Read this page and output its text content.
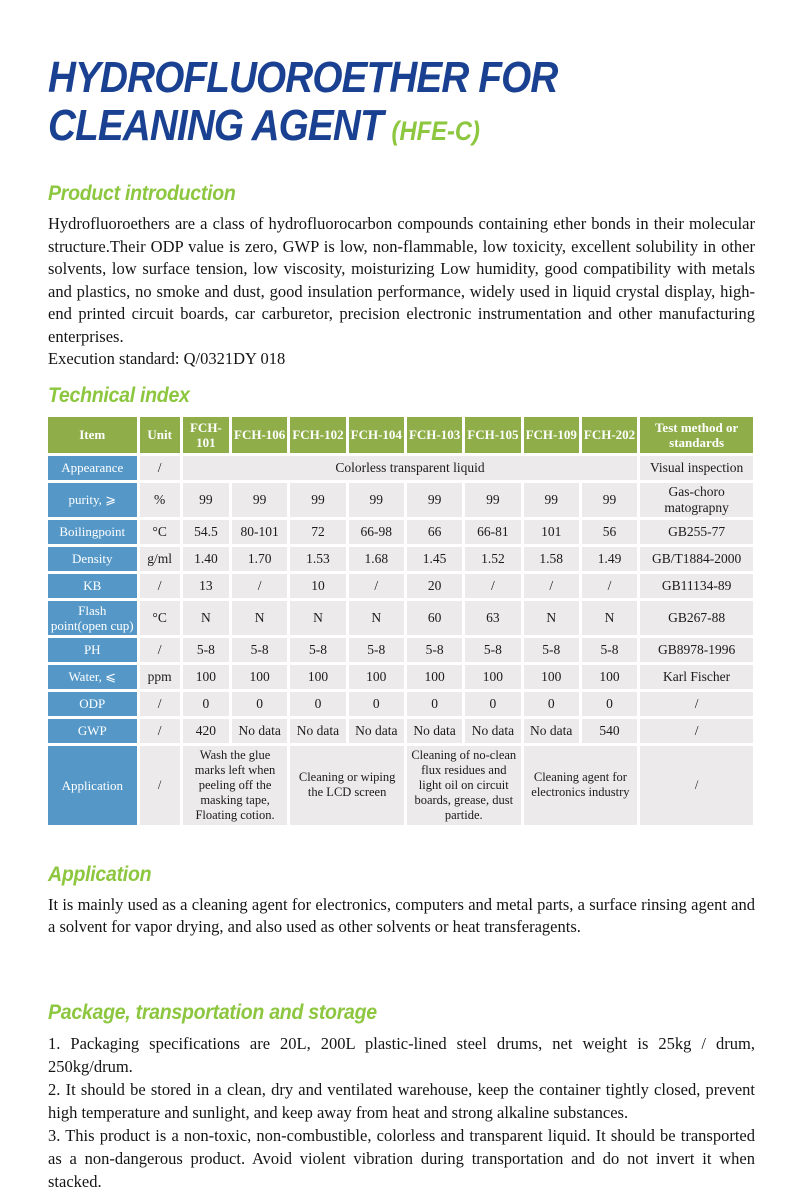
HYDROFLUOROETHER FOR
CLEANING AGENT (HFE-C)
Product introduction

Hydrofluoroethers are a class of hydrofluorocarbon compounds containing ether bonds in their molecular structure.Their ODP value is zero, GWP is low, non-flammable, low toxicity, excellent solubility in other solvents, low surface tension, low viscosity, moisturizing Low humidity, good compatibility with metals and plastics, no smoke and dust, good insulation performance, widely used in liquid crystal display, high-end printed circuit boards, car carburetor, precision electronic instrumentation and other manufacturing enterprises.

Execution standard: Q/0321DY 018

Technical index
Item	Unit	FCH-101	FCH-106	FCH-102	FCH-104	FCH-103	FCH-105	FCH-109	FCH-202	Test method or standards
Appearance	/	Colorless transparent liquid								Visual inspection
purity, ⩾	%	99	99	99	99	99	99	99	99	Gas-choro matograpny
Boilingpoint	°C	54.5	80-101	72	66-98	66	66-81	101	56	GB255-77
Density	g/ml	1.40	1.70	1.53	1.68	1.45	1.52	1.58	1.49	GB/T1884-2000
KB	/	13	/	10	/	20	/	/	/	GB11134-89
Flash point(open cup)	°C	N	N	N	N	60	63	N	N	GB267-88
PH	/	5-8	5-8	5-8	5-8	5-8	5-8	5-8	5-8	GB8978-1996
Water, ⩽	ppm	100	100	100	100	100	100	100	100	Karl Fischer
ODP	/	0	0	0	0	0	0	0	0	/
GWP	/	420	No data	No data	No data	No data	No data	No data	540	/
Application	/	Wash the glue marks left when peeling off the masking tape, Floating cotion.		Cleaning or wiping the LCD screen		Cleaning of no-clean flux residues and light oil on circuit boards, grease, dust partide.		Cleaning agent for electronics industry		/
Application

It is mainly used as a cleaning agent for electronics, computers and metal parts, a surface rinsing agent and a solvent for vapor drying, and also used as other solvents or heat transferagents.

Package, transportation and storage

1. Packaging specifications are 20L, 200L plastic-lined steel drums, net weight is 25kg / drum, 250kg/drum.

2. It should be stored in a clean, dry and ventilated warehouse, keep the container tightly closed, prevent high temperature and sunlight, and keep away from heat and strong alkaline substances.

3. This product is a non-toxic, non-combustible, colorless and transparent liquid. It should be transported as a non-dangerous product. Avoid violent vibration during transportation and do not invert it when stacked.
